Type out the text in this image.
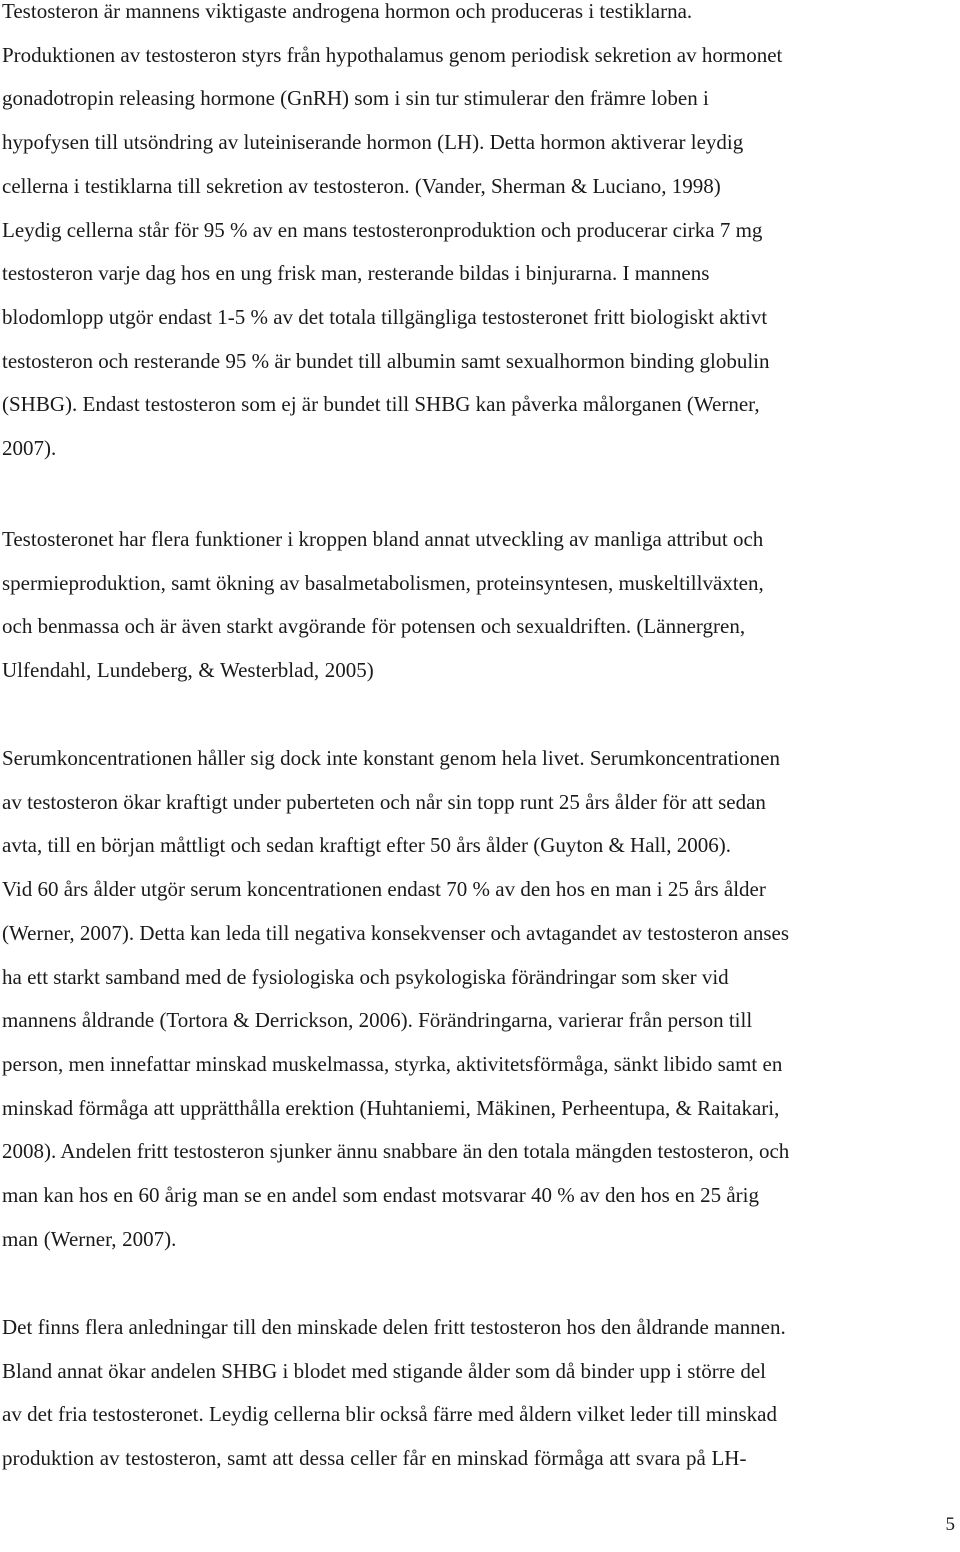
Testosteron är mannens viktigaste androgena hormon och produceras i testiklarna.
Produktionen av testosteron styrs från hypothalamus genom periodisk sekretion av hormonet
gonadotropin releasing hormone (GnRH) som i sin tur stimulerar den främre loben i
hypofysen till utsöndring av luteiniserande hormon (LH). Detta hormon aktiverar leydig
cellerna i testiklarna till sekretion av testosteron. (Vander, Sherman & Luciano, 1998)
Leydig cellerna står för 95 % av en mans testosteronproduktion och producerar cirka 7 mg
testosteron varje dag hos en ung frisk man, resterande bildas i binjurarna. I mannens
blodomlopp utgör endast 1-5 % av det totala tillgängliga testosteronet fritt biologiskt aktivt
testosteron och resterande 95 % är bundet till albumin samt sexualhormon binding globulin
(SHBG). Endast testosteron som ej är bundet till SHBG kan påverka målorganen (Werner,
2007).

Testosteronet har flera funktioner i kroppen bland annat utveckling av manliga attribut och
spermieproduktion, samt ökning av basalmetabolismen, proteinsyntesen, muskeltillväxten,
och benmassa och är även starkt avgörande för potensen och sexualdriften. (Lännergren,
Ulfendahl, Lundeberg, & Westerblad, 2005)

Serumkoncentrationen håller sig dock inte konstant genom hela livet. Serumkoncentrationen
av testosteron ökar kraftigt under puberteten och når sin topp runt 25 års ålder för att sedan
avta, till en början måttligt och sedan kraftigt efter 50 års ålder (Guyton & Hall, 2006).
Vid 60 års ålder utgör serum koncentrationen endast 70 % av den hos en man i 25 års ålder
(Werner, 2007). Detta kan leda till negativa konsekvenser och avtagandet av testosteron anses
ha ett starkt samband med de fysiologiska och psykologiska förändringar som sker vid
mannens åldrande (Tortora & Derrickson, 2006). Förändringarna, varierar från person till
person, men innefattar minskad muskelmassa, styrka, aktivitetsförmåga, sänkt libido samt en
minskad förmåga att upprätthålla erektion (Huhtaniemi, Mäkinen, Perheentupa, & Raitakari,
2008). Andelen fritt testosteron sjunker ännu snabbare än den totala mängden testosteron, och
man kan hos en 60 årig man se en andel som endast motsvarar 40 % av den hos en 25 årig
man (Werner, 2007).

Det finns flera anledningar till den minskade delen fritt testosteron hos den åldrande mannen.
Bland annat ökar andelen SHBG i blodet med stigande ålder som då binder upp i större del
av det fria testosteronet. Leydig cellerna blir också färre med åldern vilket leder till minskad
produktion av testosteron, samt att dessa celler får en minskad förmåga att svara på LH-

5
